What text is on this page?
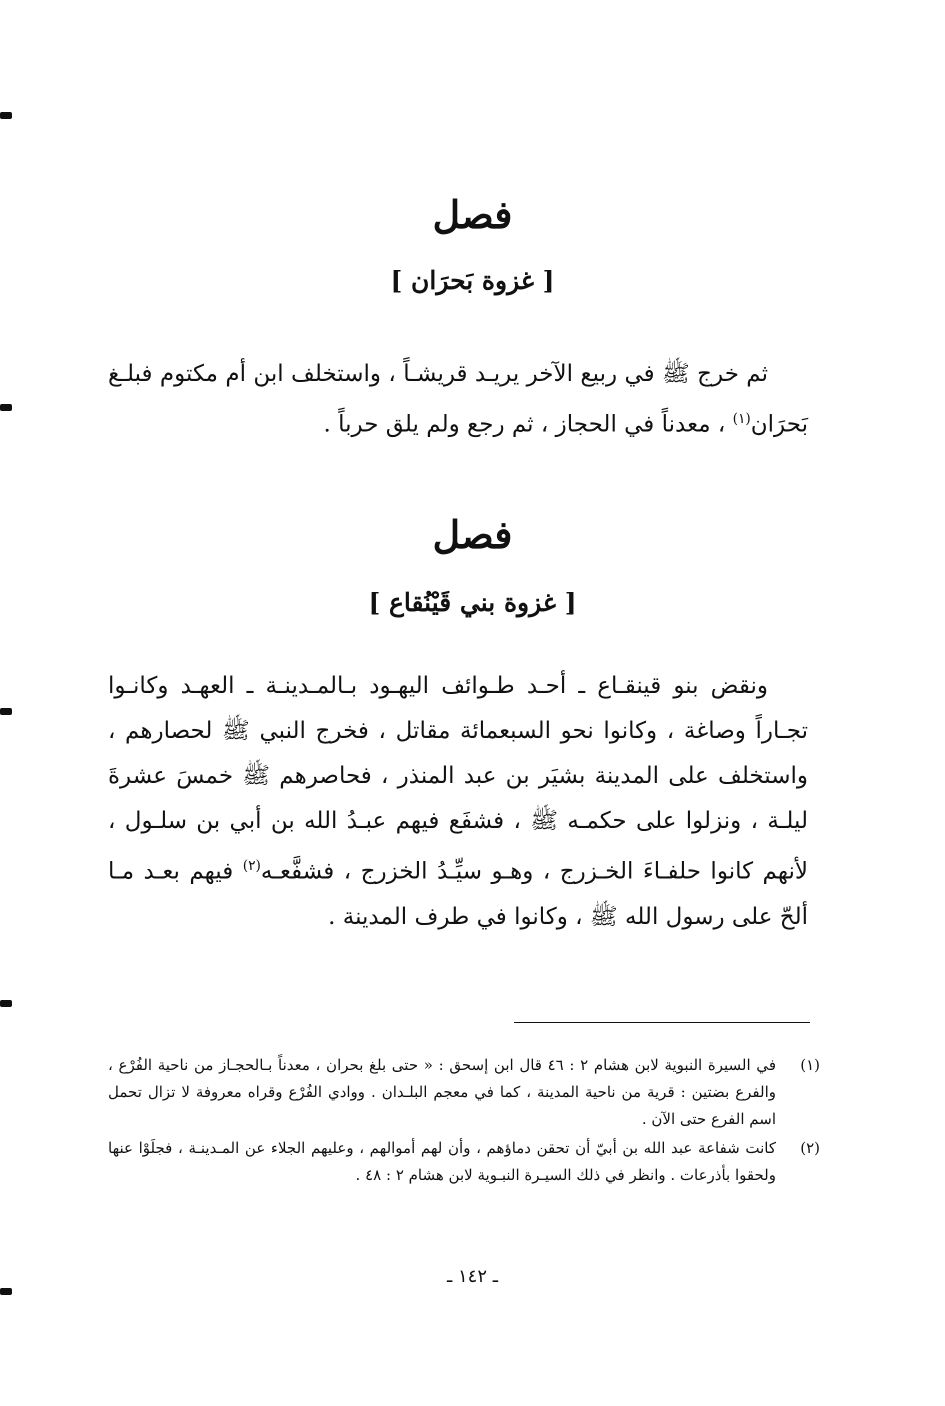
فصل
[ غزوة بَحرَان ]

ثم خرج ﷺ في ربيع الآخر يريـد قريشـاً ، واستخلف ابن أم مكتوم فبلـغ بَحرَان$^{(١)}$ ، معدناً في الحجاز ، ثم رجع ولم يلق حرباً .

فصل
[ غزوة بني قَيْنُقاع ]

ونقض بنو قينقـاع ـ أحـد طـوائف اليهـود بـالمـدينـة ـ العهـد وكانـوا تجـاراً وصاغة ، وكانوا نحو السبعمائة مقاتل ، فخرج النبي ﷺ لحصارهم ، واستخلف على المدينة بشيَر بن عبد المنذر ، فحاصرهم ﷺ خمسَ عشرةَ ليلـة ، ونزلوا على حكمـه ﷺ ، فشفَع فيهم عبـدُ الله بن أبي بن سلـول ، لأنهم كانوا حلفـاءَ الخـزرج ، وهـو سيِّـدُ الخزرج ، فشفَّعـه$^{(٢)}$ فيهم بعـد مـا ألحّ على رسول الله ﷺ ، وكانوا في طرف المدينة .

(١)
في السيرة النبوية لابن هشام ٢ : ٤٦ قال ابن إسحق : « حتى بلغ بحران ، معدناً بـالحجـاز من ناحية الفُرْع ، والفرع بضتين : قرية من ناحية المدينة ، كما في معجم البلـدان . ووادي الفُرْع وقراه معروفة لا تزال تحمل اسم الفرع حتى الآن .
(٢)
كانت شفاعة عبد الله بن أبيّ أن تحقن دماؤهم ، وأن لهم أموالهم ، وعليهم الجلاء عن المـدينـة ، فجلَوْا عنها ولحقوا بأذرعات . وانظر في ذلك السيـرة النبـوية لابن هشام ٢ : ٤٨ .
ـ ١٤٢ ـ
